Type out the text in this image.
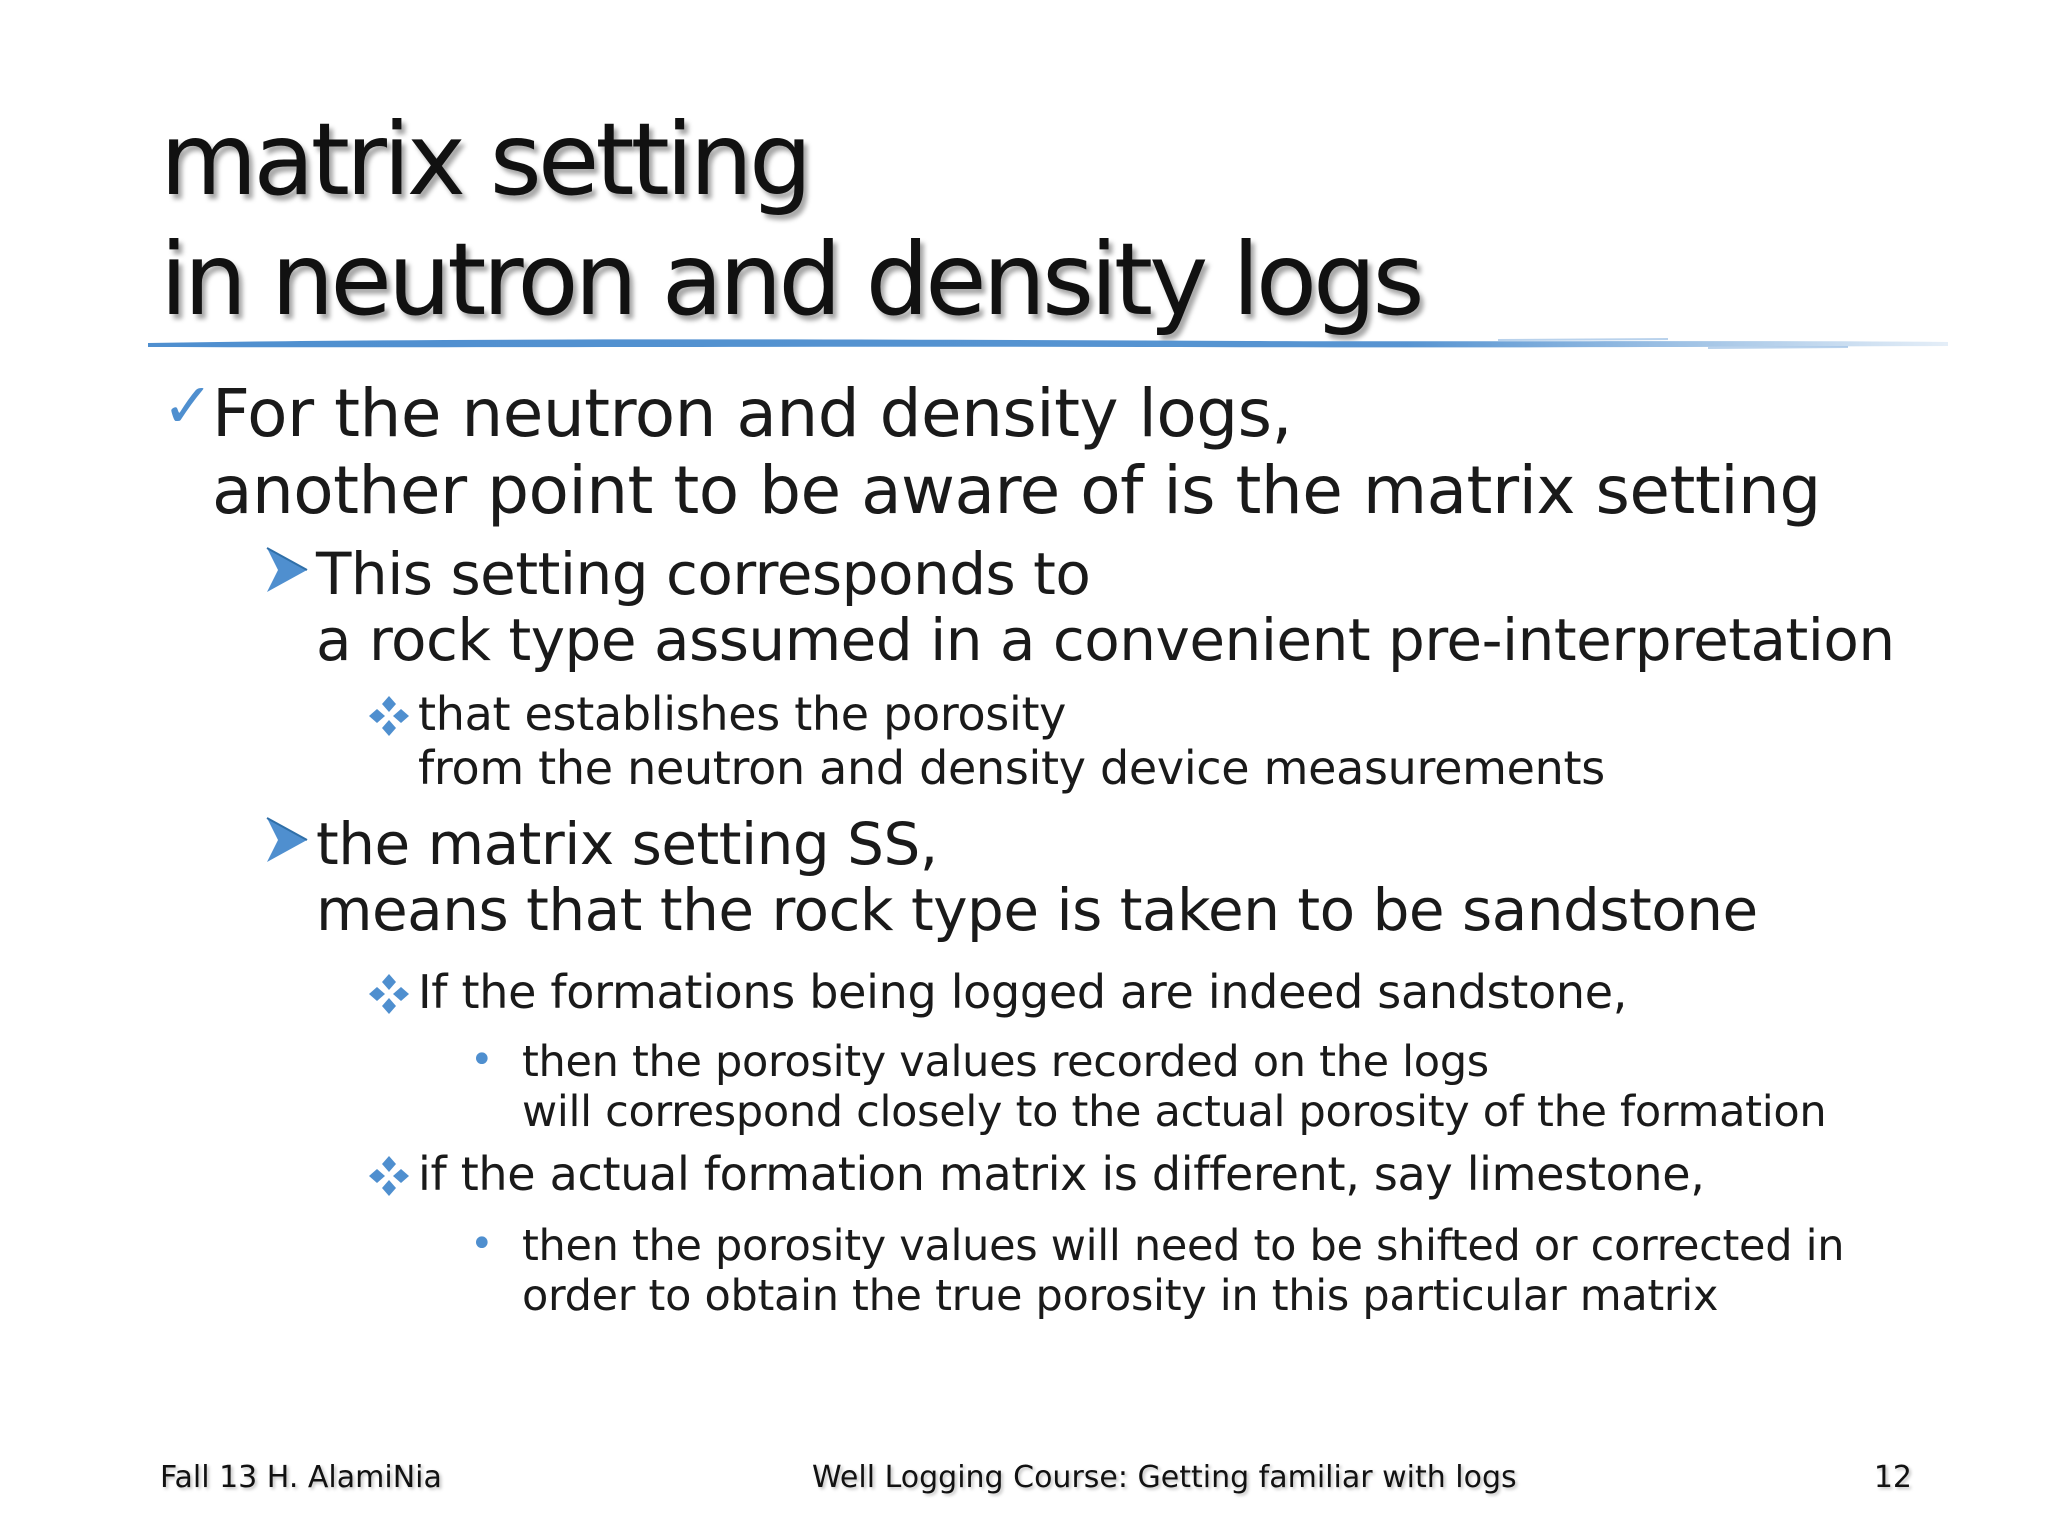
matrix setting
in neutron and density logs
✓
For the neutron and density logs,
another point to be aware of is the matrix setting
This setting corresponds to
a rock type assumed in a convenient pre-interpretation
that establishes the porosity
from the neutron and density device measurements
the matrix setting SS,
means that the rock type is taken to be sandstone
If the formations being logged are indeed sandstone,
• then the porosity values recorded on the logs
will correspond closely to the actual porosity of the formation
if the actual formation matrix is different, say limestone,
• then the porosity values will need to be shifted or corrected in
order to obtain the true porosity in this particular matrix
Fall 13 H. AlamiNia	Well Logging Course: Getting familiar with logs	12
